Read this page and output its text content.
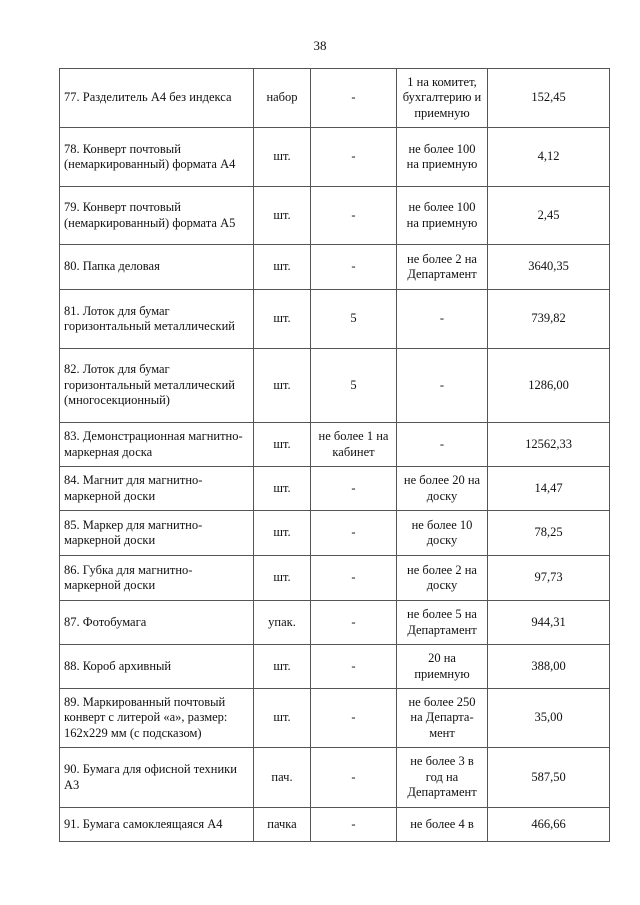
38
77. Разделитель А4 без индекса	набор	-	1 на комитет, бухгалтерию и приемную	152,45
78. Конверт почтовый (немаркированный) формата А4	шт.	-	не более 100 на приемную	4,12
79. Конверт почтовый (немаркированный) формата А5	шт.	-	не более 100 на приемную	2,45
80. Папка деловая	шт.	-	не более 2 на Департамент	3640,35
81. Лоток для бумаг горизонтальный металлический	шт.	5	-	739,82
82. Лоток для бумаг горизонтальный металлический (многосекционный)	шт.	5	-	1286,00
83. Демонстрационная магнитно-маркерная доска	шт.	не более 1 на кабинет	-	12562,33
84. Магнит для магнитно-маркерной доски	шт.	-	не более 20 на доску	14,47
85. Маркер для магнитно-маркерной доски	шт.	-	не более 10 доску	78,25
86. Губка для магнитно-маркерной доски	шт.	-	не более 2 на доску	97,73
87. Фотобумага	упак.	-	не более 5 на Департамент	944,31
88. Короб архивный	шт.	-	20 на приемную	388,00
89. Маркированный почтовый конверт с литерой «а», размер: 162х229 мм (с подсказом)	шт.	-	не более 250 на Департа-мент	35,00
90. Бумага для офисной техники А3	пач.	-	не более 3 в год на Департамент	587,50
91. Бумага самоклеящаяся А4	пачка	-	не более 4 в	466,66
